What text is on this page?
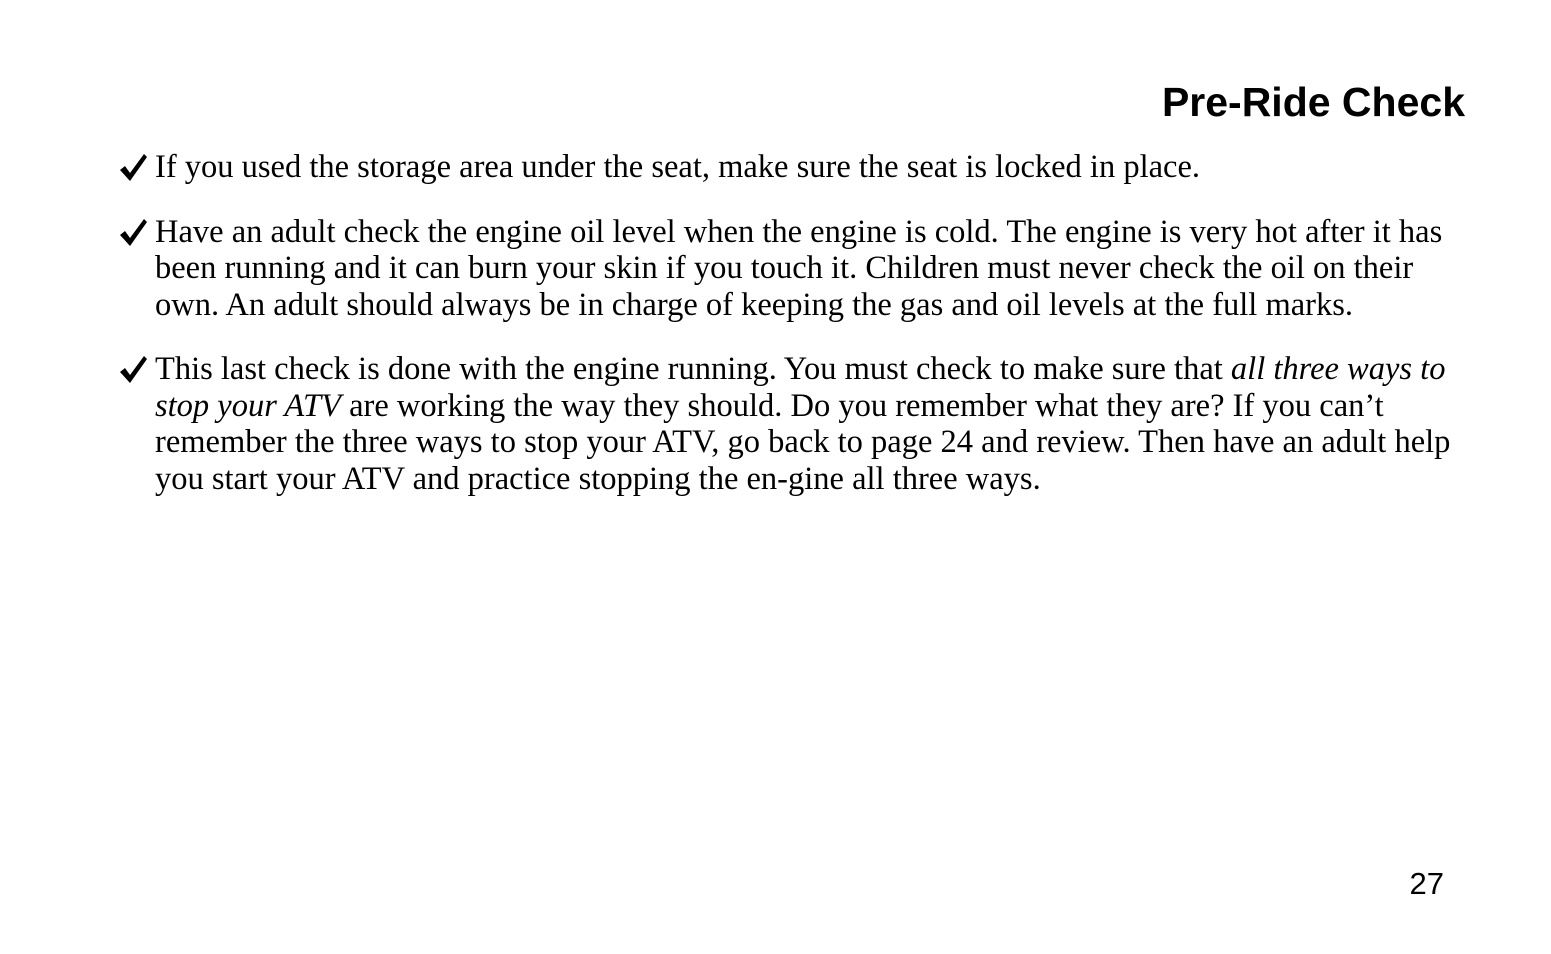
Pre-Ride Check
If you used the storage area under the seat, make sure the seat is locked in place.
Have an adult check the engine oil level when the engine is cold. The engine is very hot after it has been running and it can burn your skin if you touch it. Children must never check the oil on their own. An adult should always be in charge of keeping the gas and oil levels at the full marks.
This last check is done with the engine running. You must check to make sure that all three ways to stop your ATV are working the way they should. Do you remember what they are? If you can’t remember the three ways to stop your ATV, go back to page 24 and review. Then have an adult help you start your ATV and practice stopping the en-gine all three ways.

27
